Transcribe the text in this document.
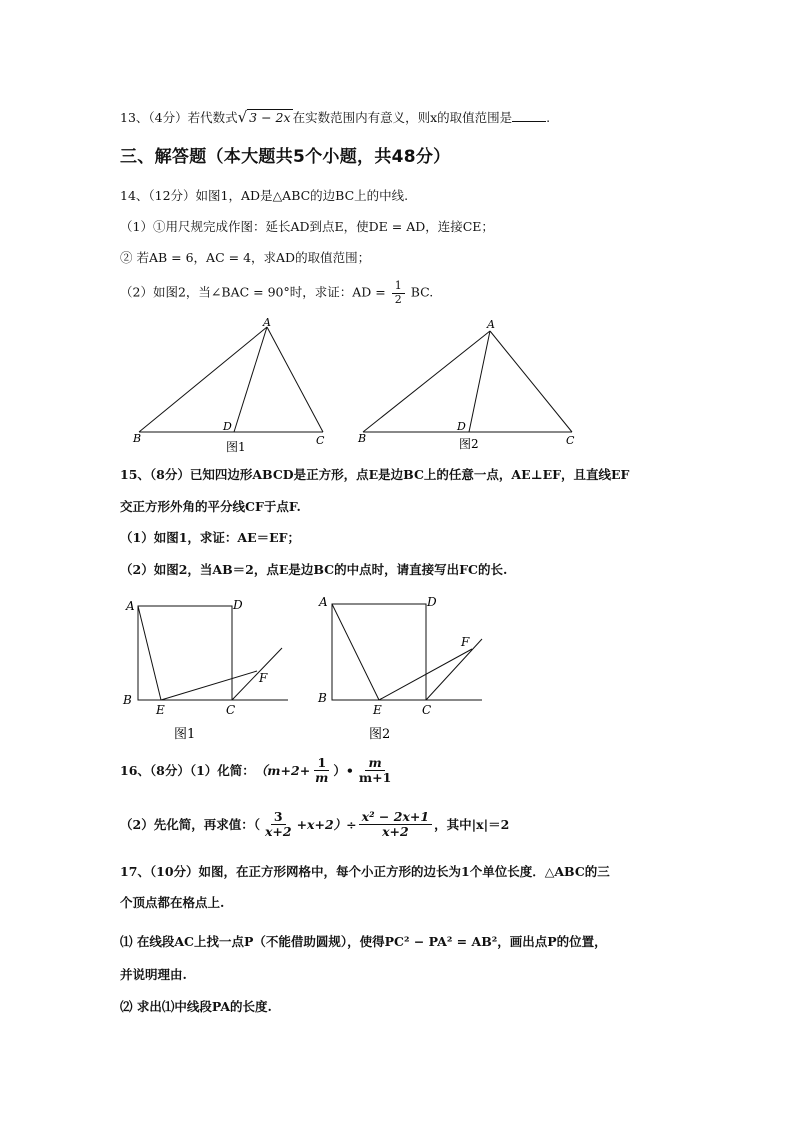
13、（4分）若代数式√ 3 − 2x 在实数范围内有意义，则x的取值范围是	.
三、解答题（本大题共5个小题，共48分）
14、（12分）如图1，AD是△ABC的边BC上的中线.
（1）①用尺规完成作图：延长AD到点E，使DE = AD，连接CE；
② 若AB = 6，AC = 4，求AD的取值范围；
（2）如图2，当∠BAC = 90°时，求证：AD = $\frac{1}{2}$ BC.
A
B	C
D
图1
A
B	C
D
图2
15、（8分）已知四边形ABCD是正方形，点E是边BC上的任意一点，AE⊥EF，且直线EF
交正方形外角的平分线CF于点F.
（1）如图1，求证：AE＝EF；
（2）如图2，当AB＝2，点E是边BC的中点时，请直接写出FC的长.
A	D
B
E	C
F
图1
A	D
B
E	C
F
图2
16、（8分）（1）化简： （$m+2+ \frac{1}{m}$ ）• $\frac{m}{m+1}$
（2）先化简，再求值：（ $\frac{3}{x+2} +x+2)\div \frac{\text{x² − 2x+1}}{x+2}$ ，其中|x|＝2
17、（10分）如图，在正方形网格中，每个小正方形的边长为1个单位长度．△ABC的三
个顶点都在格点上.
⑴ 在线段AC上找一点P（不能借助圆规），使得PC² − PA² = AB²，画出点P的位置，
并说明理由.
⑵ 求出⑴中线段PA的长度.
